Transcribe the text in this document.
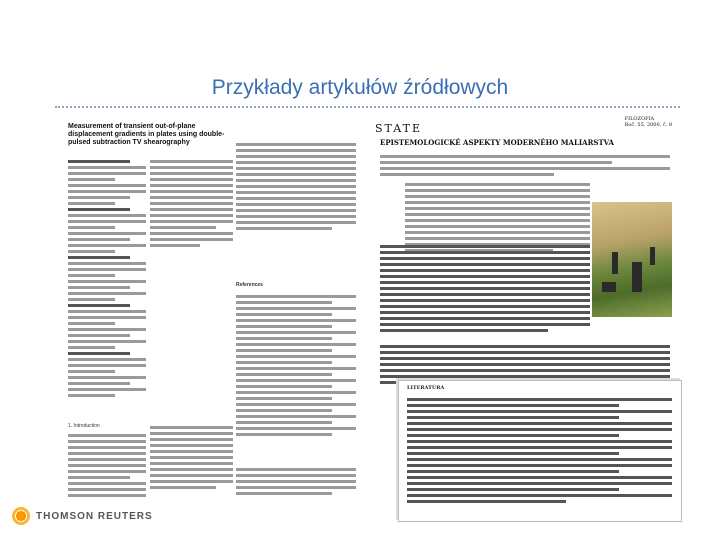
Przykłady artykułów źródłowych
Measurement of transient out-of-plane displacement gradients in plates using double-pulsed subtraction TV shearography
1. Introduction
References
STATE
FILOZOFIA
Roč. 55, 2000, č. 8
EPISTEMOLOGICKÉ ASPEKTY MODERNÉHO MALIARSTVA
LITERATÚRA
THOMSON REUTERS
